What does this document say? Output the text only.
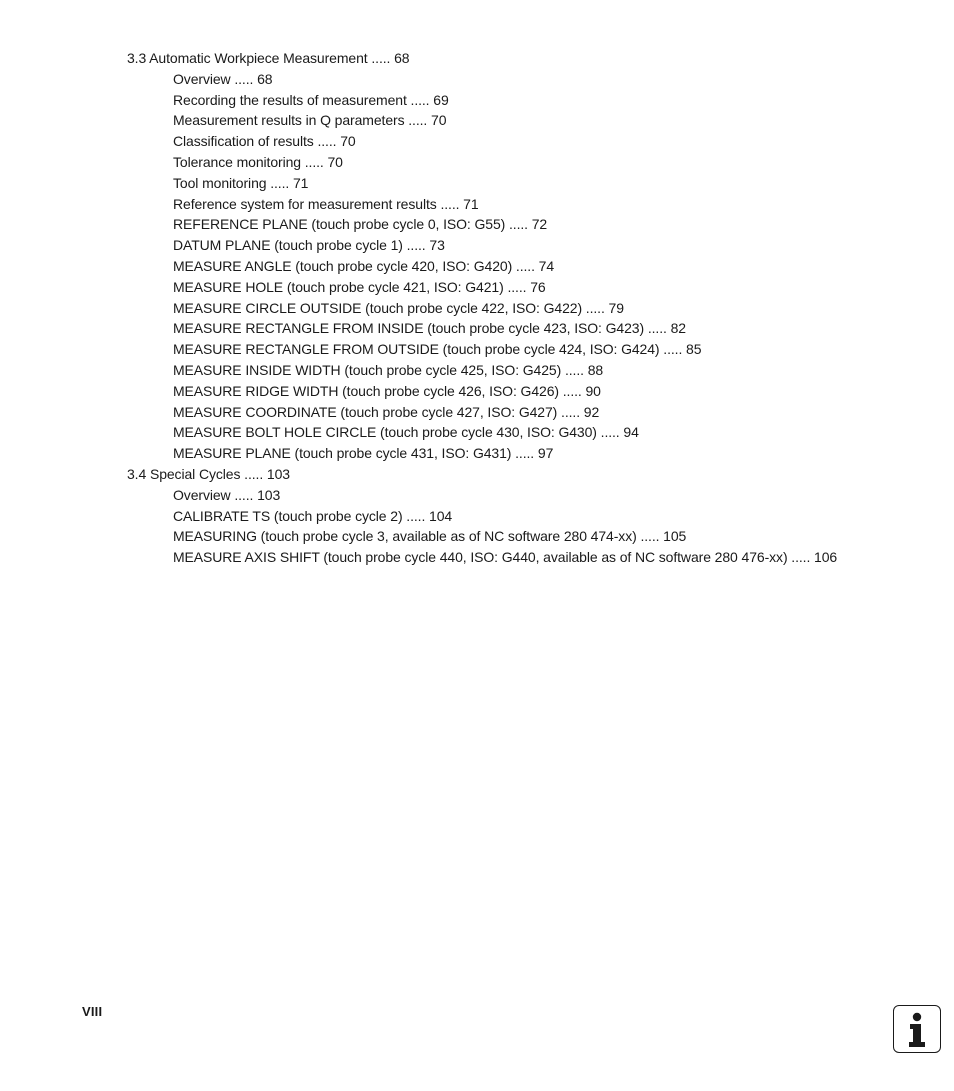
3.3 Automatic Workpiece Measurement ..... 68
Overview ..... 68
Recording the results of measurement ..... 69
Measurement results in Q parameters ..... 70
Classification of results ..... 70
Tolerance monitoring ..... 70
Tool monitoring ..... 71
Reference system for measurement results ..... 71
REFERENCE PLANE (touch probe cycle 0, ISO: G55) ..... 72
DATUM PLANE (touch probe cycle 1) ..... 73
MEASURE ANGLE (touch probe cycle 420, ISO: G420) ..... 74
MEASURE HOLE (touch probe cycle 421, ISO: G421) ..... 76
MEASURE CIRCLE OUTSIDE (touch probe cycle 422, ISO: G422) ..... 79
MEASURE RECTANGLE FROM INSIDE (touch probe cycle 423, ISO: G423) ..... 82
MEASURE RECTANGLE FROM OUTSIDE (touch probe cycle 424, ISO: G424) ..... 85
MEASURE INSIDE WIDTH (touch probe cycle 425, ISO: G425) ..... 88
MEASURE RIDGE WIDTH (touch probe cycle 426, ISO: G426) ..... 90
MEASURE COORDINATE (touch probe cycle 427, ISO: G427) ..... 92
MEASURE BOLT HOLE CIRCLE (touch probe cycle 430, ISO: G430) ..... 94
MEASURE PLANE (touch probe cycle 431, ISO: G431) ..... 97
3.4 Special Cycles ..... 103
Overview ..... 103
CALIBRATE TS (touch probe cycle 2) ..... 104
MEASURING (touch probe cycle 3, available as of NC software 280 474-xx) ..... 105
MEASURE AXIS SHIFT (touch probe cycle 440, ISO: G440, available as of NC software 280 476-xx) ..... 106
VIII
